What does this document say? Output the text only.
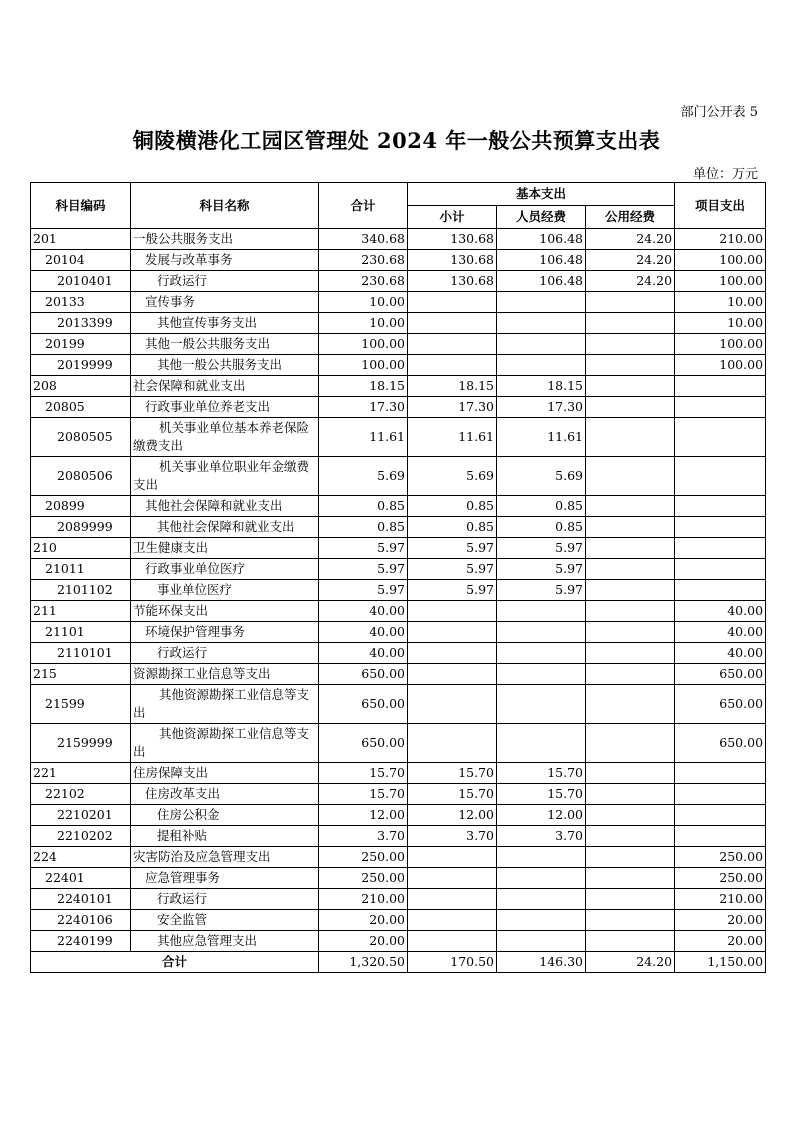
部门公开表 5
铜陵横港化工园区管理处 2024 年一般公共预算支出表
单位：万元
科目编码	科目名称	合计	基本支出			项目支出
			小计	人员经费	公用经费	
201	一般公共服务支出	340.68	130.68	106.48	24.20	210.00
20104	发展与改革事务	230.68	130.68	106.48	24.20	100.00
2010401	行政运行	230.68	130.68	106.48	24.20	100.00
20133	宣传事务	10.00				10.00
2013399	其他宣传事务支出	10.00				10.00
20199	其他一般公共服务支出	100.00				100.00
2019999	其他一般公共服务支出	100.00				100.00
208	社会保障和就业支出	18.15	18.15	18.15		
20805	行政事业单位养老支出	17.30	17.30	17.30		
2080505	机关事业单位基本养老保险缴费支出	11.61	11.61	11.61		
2080506	机关事业单位职业年金缴费支出	5.69	5.69	5.69		
20899	其他社会保障和就业支出	0.85	0.85	0.85		
2089999	其他社会保障和就业支出	0.85	0.85	0.85		
210	卫生健康支出	5.97	5.97	5.97		
21011	行政事业单位医疗	5.97	5.97	5.97		
2101102	事业单位医疗	5.97	5.97	5.97		
211	节能环保支出	40.00				40.00
21101	环境保护管理事务	40.00				40.00
2110101	行政运行	40.00				40.00
215	资源勘探工业信息等支出	650.00				650.00
21599	其他资源勘探工业信息等支出	650.00				650.00
2159999	其他资源勘探工业信息等支出	650.00				650.00
221	住房保障支出	15.70	15.70	15.70		
22102	住房改革支出	15.70	15.70	15.70		
2210201	住房公积金	12.00	12.00	12.00		
2210202	提租补贴	3.70	3.70	3.70		
224	灾害防治及应急管理支出	250.00				250.00
22401	应急管理事务	250.00				250.00
2240101	行政运行	210.00				210.00
2240106	安全监管	20.00				20.00
2240199	其他应急管理支出	20.00				20.00
合计		1,320.50	170.50	146.30	24.20	1,150.00
